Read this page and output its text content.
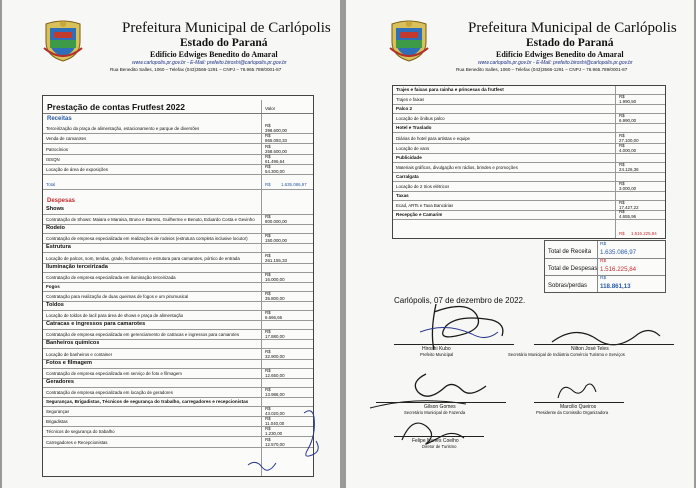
Prefeitura Municipal de Carlópolis
Estado do Paraná
Edifício Edwiges Benedito do Amaral
www.carlopolis.pr.gov.br - E-Mail: prefeito.biroshi@carlopolis.pr.gov.br
Rua Benedito Salles, 1060 – Telefax (043)3566-1291 – CNPJ – 76.965.789/0001-87
Prestação de contas Frutfest 2022	Valor
Receitas
Terceirização da praça de alimentação, estacionamento e parque de diversões
R$
398.600,00
Venda de camarotes
R$
865.093,33
Patrocínios
R$
258.600,00
ISSQN
R$
61.496,64
Locação de área de exposições
R$
54.300,00
Total	R$ 1.635.086,97
Despesas
Shows
Contratação de Shows: Maiara e Maraisa, Bruno e Barreto, Guilherme e Benuto, Eduardo Costa e Gevinho
R$
800.000,00
Rodeio
Contratação de empresa especializada em realizações de rodeios (estrutura completa inclusive locutor)
R$
150.000,00
Estrutura
Locação de palcos, som, tendas, grade, fechamento e estrutura para camarotes, pórtico de entrada
R$
261.155,33
Iluminação terceirizada
Contratação de empresa especializada em iluminação terceirizada
R$
16.000,00
Fogos
Contratação para realização de duas queimas de fogos e um pirumusical
R$
35.800,00
Toldos
Locação de toldos de lacil para área de shows e praça de alimentação
R$
6.666,66
Catracas e ingressos para camarotes
Contratação de empresa especializada em gerenciamento de catracas e ingressos para camarotes
R$
17.880,00
Banheiros químicos
Locação de banheiros e container
R$
32.900,00
Fotos e filmagem
Contratação de empresa especializada em serviço de foto e filmagem
R$
12.650,00
Geradores
Contratação de empresa especializada em locação de geradores
R$
13.986,00
Seguranças, Brigadistas, Técnicos de segurança do trabalho, carregadores e recepcionistas
Seguranças
R$
43.020,00
Brigadistas
R$
11.040,00
Técnicos de segurança do trabalho
R$
1.230,00
Carregadores e Recepcionistas
R$
12.570,00
Prefeitura Municipal de Carlópolis
Estado do Paraná
Edifício Edwiges Benedito do Amaral
www.carlopolis.pr.gov.br - E-Mail: prefeito.biroshi@carlopolis.pr.gov.br
Rua Benedito Salles, 1060 – Telefax (043)3566-1291 – CNPJ – 76.965.789/0001-87
Trajes e faixas para rainha e princesas da frutfest
Trajes e faixas
R$
1.990,50
Palco 2
Locação de ônibus palco
R$
6.990,00
Hotel e Traslado
Diárias de hotel para artistas e equipe
R$
27.100,00
Locação de vans
R$
4.000,00
Publicidade
Materiais gráficos, divulgação em rádios, brindes e promoções
R$
24.126,36
Carralgata
Locação de 2 trios elétricos
R$
3.000,00
Taxas
Ecad, ARTs e Taxa Bancárias
R$
17.427,22
Recepção e Camarim
R$
4.655,96
R$ 1.516.225,84
Total de Receita
R$
1.635.086,97
Total de Despesas
R$
1.516.225,84
Sobras/perdas
R$
118.861,13
Carlópolis, 07 de dezembro de 2022.
Hiroshi Kubo
Prefeito Municipal
Nilton José Teles
Secretário Municipal de Indústria Comércio Turismo e Serviços
Gilson Gomes
Secretário Municipal de Fazenda
Marcilio Queiros
Presidente da Comissão Organizadora
Felipe Nunes Coelho
Diretor de Turismo
